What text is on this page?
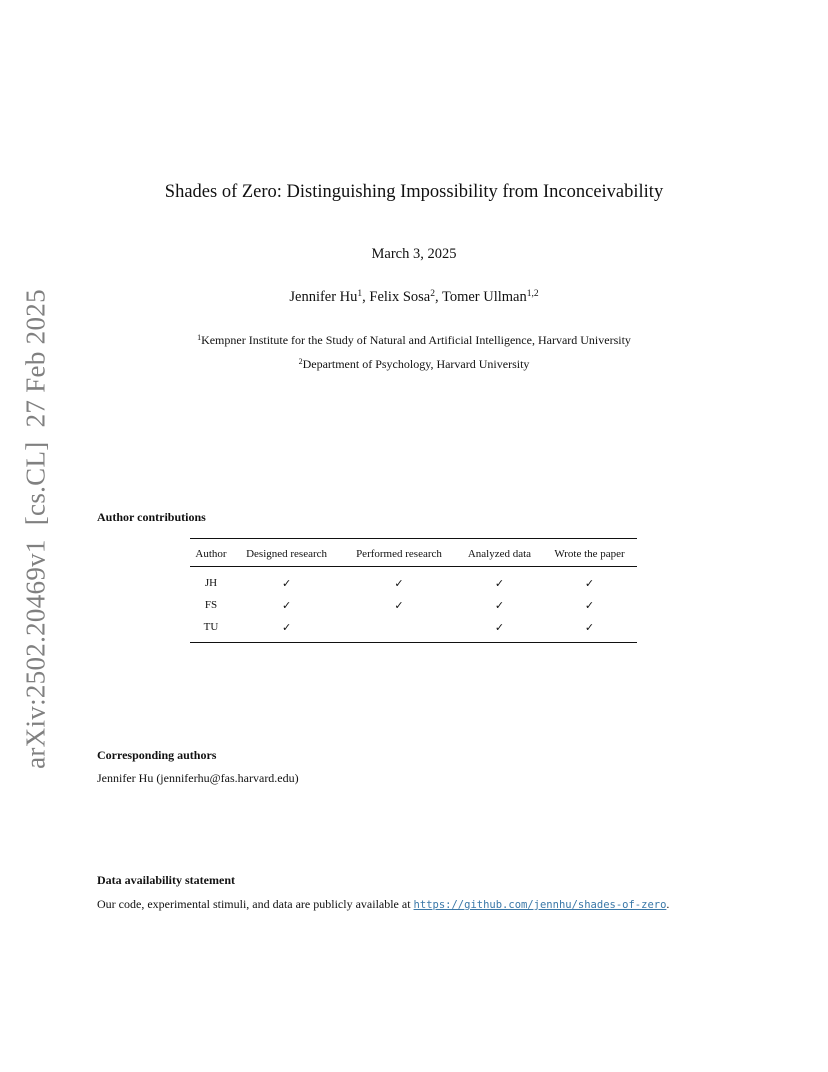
arXiv:2502.20469v1[cs.CL]27 Feb 2025
Shades of Zero: Distinguishing Impossibility from Inconceivability
March 3, 2025
Jennifer Hu$^1$, Felix Sosa$^2$, Tomer Ullman$^{1,2}$
$^1$Kempner Institute for the Study of Natural and Artificial Intelligence, Harvard University
$^2$Department of Psychology, Harvard University
Author contributions
Author	Designed research	Performed research	Analyzed data	Wrote the paper
JH	✓	✓	✓	✓
FS	✓	✓	✓	✓
TU	✓		✓	✓
Corresponding authors
Jennifer Hu (jenniferhu@fas.harvard.edu)
Data availability statement
Our code, experimental stimuli, and data are publicly available at https://github.com/jennhu/shades-of-zero.
